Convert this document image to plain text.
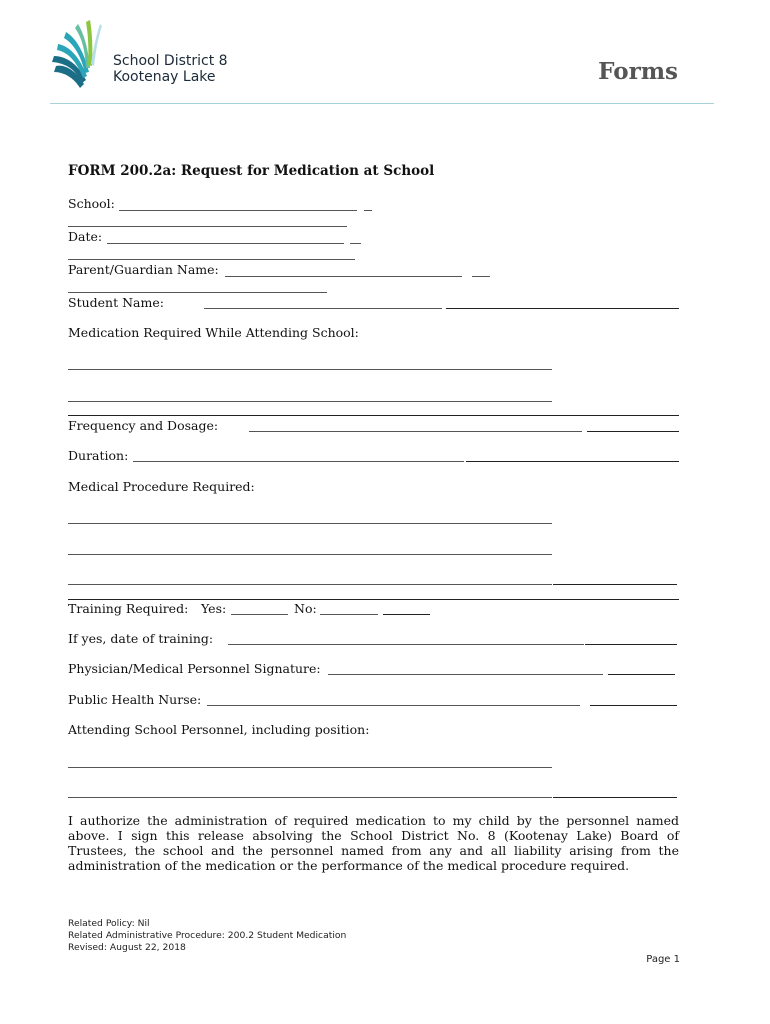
School District 8
Kootenay Lake	Forms
FORM 200.2a: Request for Medication at School
School:
Date:
Parent/Guardian Name:
Student Name:
Medication Required While Attending School:
Frequency and Dosage:
Duration:
Medical Procedure Required:
Training Required: Yes:	No:
If yes, date of training:
Physician/Medical Personnel Signature:
Public Health Nurse:
Attending School Personnel, including position:
I authorize the administration of required medication to my child by the personnel named above. I sign this release absolving the School District No. 8 (Kootenay Lake) Board of Trustees, the school and the personnel named from any and all liability arising from the administration of the medication or the performance of the medical procedure required.
Related Policy: Nil
Related Administrative Procedure: 200.2 Student Medication
Revised: August 22, 2018
Page 1
